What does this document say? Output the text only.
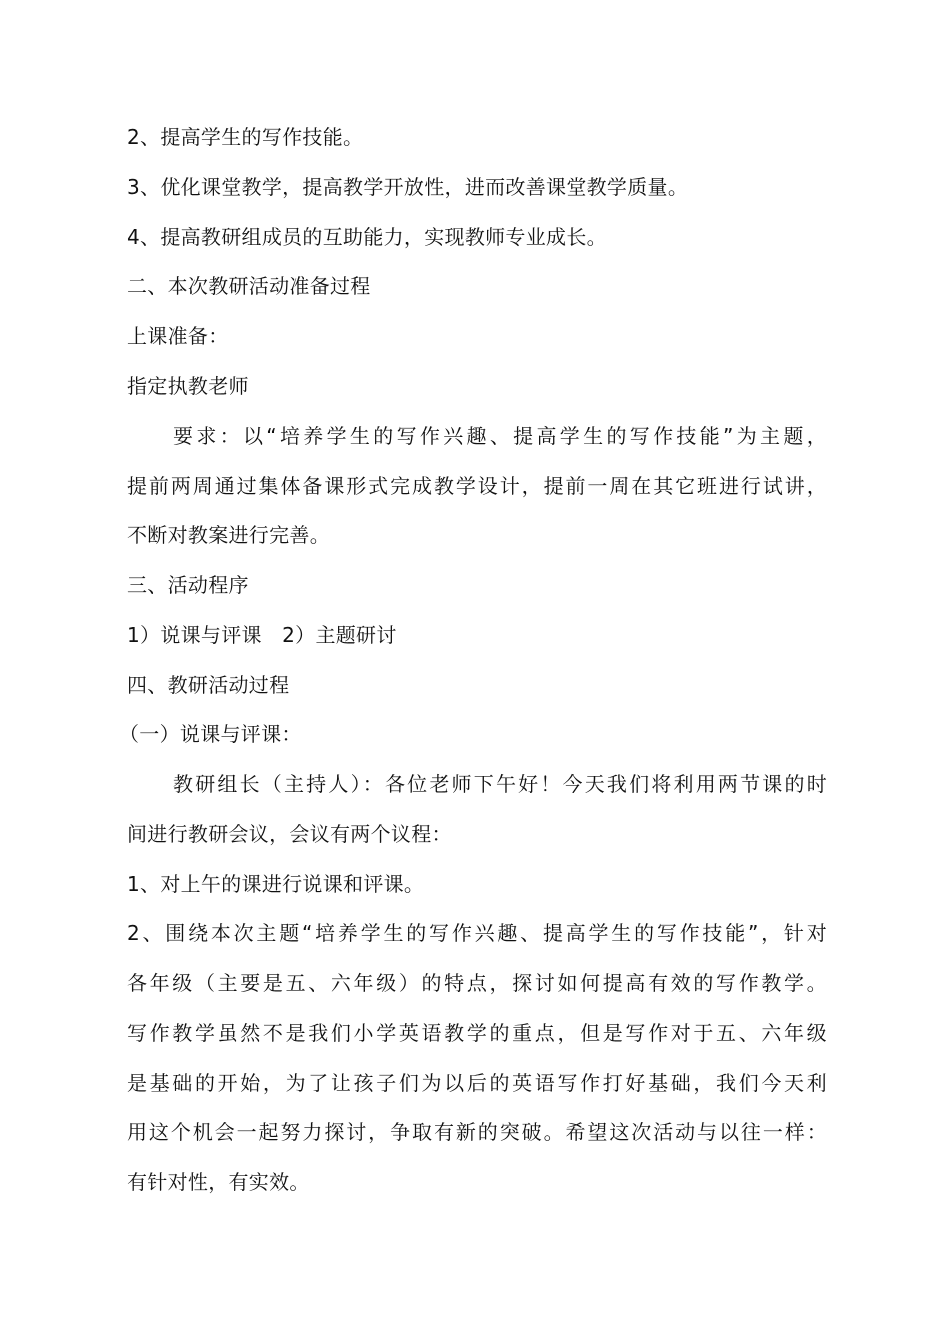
2、提高学生的写作技能。
3、优化课堂教学，提高教学开放性，进而改善课堂教学质量。
4、提高教研组成员的互助能力，实现教师专业成长。
二、本次教研活动准备过程
上课准备：
指定执教老师
要求：以“培养学生的写作兴趣、提高学生的写作技能”为主题，
提前两周通过集体备课形式完成教学设计，提前一周在其它班进行试讲，
不断对教案进行完善。
三、活动程序
1）说课与评课　2）主题研讨
四、教研活动过程
（一）说课与评课：
教研组长（主持人）：各位老师下午好！今天我们将利用两节课的时
间进行教研会议，会议有两个议程：
1、对上午的课进行说课和评课。
2、围绕本次主题“培养学生的写作兴趣、提高学生的写作技能”，针对
各年级（主要是五、六年级）的特点，探讨如何提高有效的写作教学。
写作教学虽然不是我们小学英语教学的重点，但是写作对于五、六年级
是基础的开始，为了让孩子们为以后的英语写作打好基础，我们今天利
用这个机会一起努力探讨，争取有新的突破。希望这次活动与以往一样：
有针对性，有实效。
